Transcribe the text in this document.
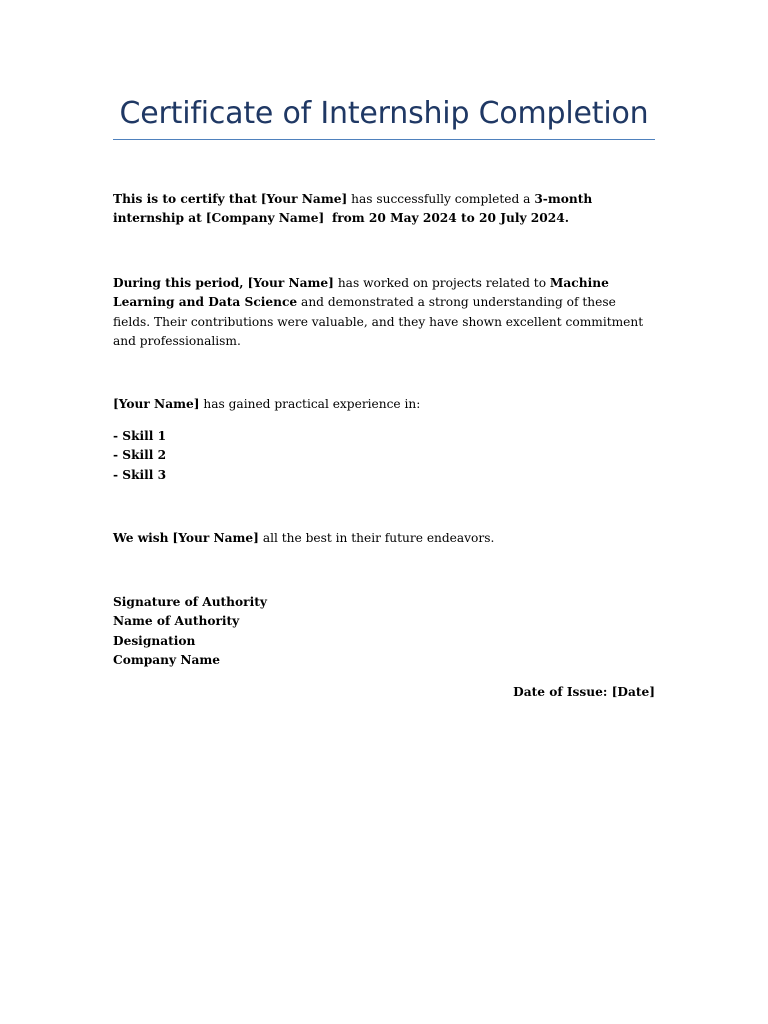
Certificate of Internship Completion

This is to certify that [Your Name] has successfully completed a 3-month internship at [Company Name] from 20 May 2024 to 20 July 2024.

During this period, [Your Name] has worked on projects related to Machine Learning and Data Science and demonstrated a strong understanding of these fields. Their contributions were valuable, and they have shown excellent commitment and professionalism.

[Your Name] has gained practical experience in:

- Skill 1
- Skill 2
- Skill 3

We wish [Your Name] all the best in their future endeavors.

Signature of Authority
Name of Authority
Designation
Company Name
Date of Issue: [Date]
